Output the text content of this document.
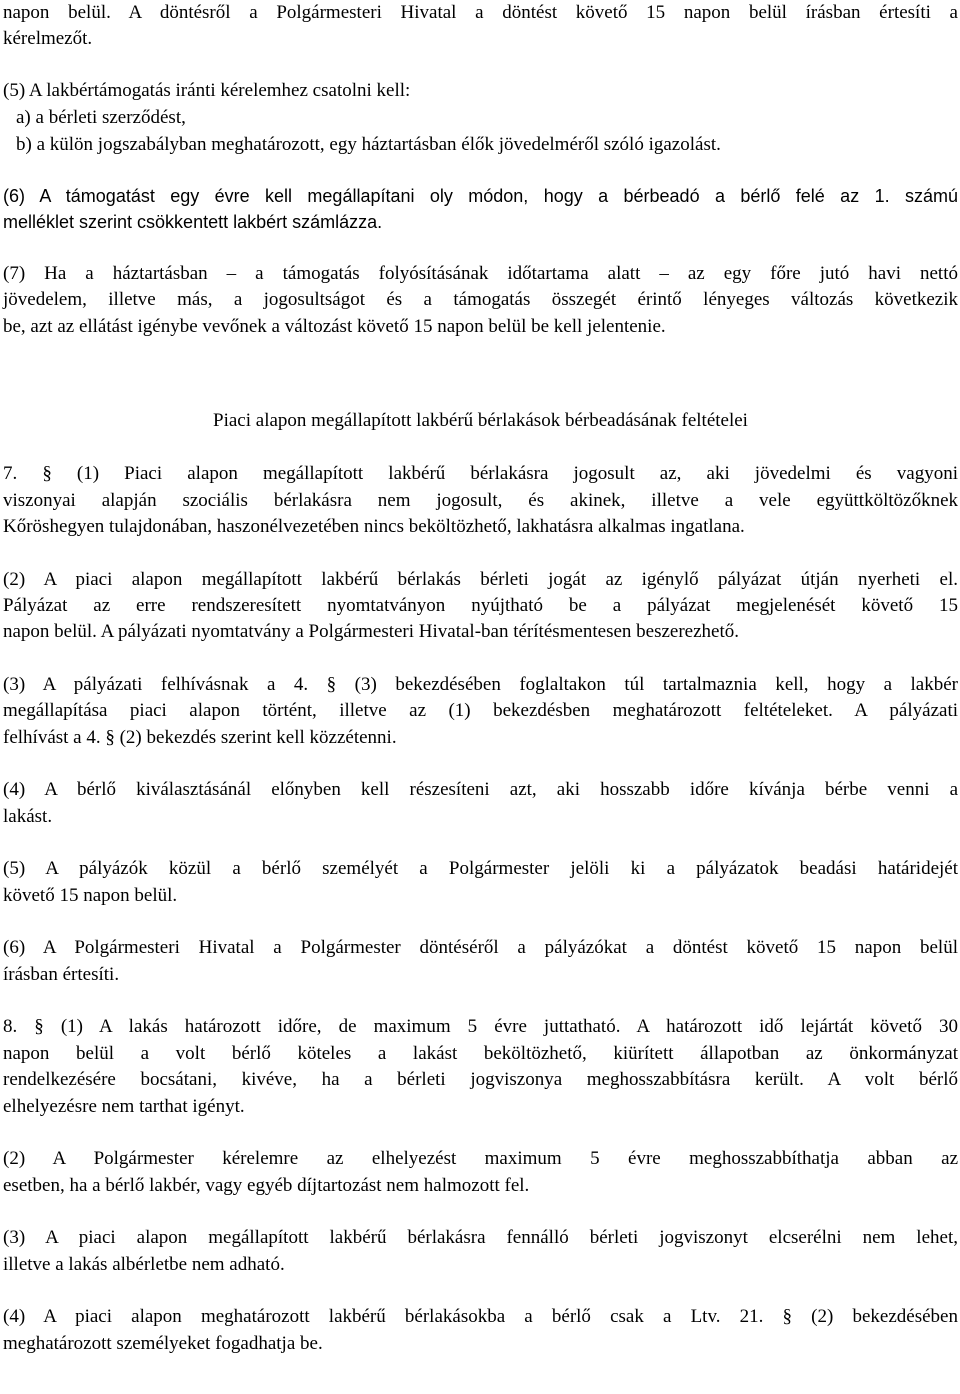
napon belül. A döntésről a Polgármesteri Hivatal a döntést követő 15 napon belül írásban értesíti a
kérelmezőt.
(5) A lakbértámogatás iránti kérelemhez csatolni kell:
a) a bérleti szerződést,
b) a külön jogszabályban meghatározott, egy háztartásban élők jövedelméről szóló igazolást.
(6) A támogatást egy évre kell megállapítani oly módon, hogy a bérbeadó a bérlő felé az 1. számú
melléklet szerint csökkentett lakbért számlázza.
(7) Ha a háztartásban – a támogatás folyósításának időtartama alatt – az egy főre jutó havi nettó
jövedelem, illetve más, a jogosultságot és a támogatás összegét érintő lényeges változás következik
be, azt az ellátást igénybe vevőnek a változást követő 15 napon belül be kell jelentenie.
Piaci alapon megállapított lakbérű bérlakások bérbeadásának feltételei
7. § (1) Piaci alapon megállapított lakbérű bérlakásra jogosult az, aki jövedelmi és vagyoni
viszonyai alapján szociális bérlakásra nem jogosult, és akinek, illetve a vele együttköltözőknek
Kőröshegyen tulajdonában, haszonélvezetében nincs beköltözhető, lakhatásra alkalmas ingatlana.
(2) A piaci alapon megállapított lakbérű bérlakás bérleti jogát az igénylő pályázat útján nyerheti el.
Pályázat az erre rendszeresített nyomtatványon nyújtható be a pályázat megjelenését követő 15
napon belül. A pályázati nyomtatvány a Polgármesteri Hivatal-ban térítésmentesen beszerezhető.
(3) A pályázati felhívásnak a 4. § (3) bekezdésében foglaltakon túl tartalmaznia kell, hogy a lakbér
megállapítása piaci alapon történt, illetve az (1) bekezdésben meghatározott feltételeket. A pályázati
felhívást a 4. § (2) bekezdés szerint kell közzétenni.
(4) A bérlő kiválasztásánál előnyben kell részesíteni azt, aki hosszabb időre kívánja bérbe venni a
lakást.
(5) A pályázók közül a bérlő személyét a Polgármester jelöli ki a pályázatok beadási határidejét
követő 15 napon belül.
(6) A Polgármesteri Hivatal a Polgármester döntéséről a pályázókat a döntést követő 15 napon belül
írásban értesíti.
8. § (1) A lakás határozott időre, de maximum 5 évre juttatható. A határozott idő lejártát követő 30
napon belül a volt bérlő köteles a lakást beköltözhető, kiürített állapotban az önkormányzat
rendelkezésére bocsátani, kivéve, ha a bérleti jogviszonya meghosszabbításra került. A volt bérlő
elhelyezésre nem tarthat igényt.
(2) A Polgármester kérelemre az elhelyezést maximum 5 évre meghosszabbíthatja abban az
esetben, ha a bérlő lakbér, vagy egyéb díjtartozást nem halmozott fel.
(3) A piaci alapon megállapított lakbérű bérlakásra fennálló bérleti jogviszonyt elcserélni nem lehet,
illetve a lakás albérletbe nem adható.
(4) A piaci alapon meghatározott lakbérű bérlakásokba a bérlő csak a Ltv. 21. § (2) bekezdésében
meghatározott személyeket fogadhatja be.
